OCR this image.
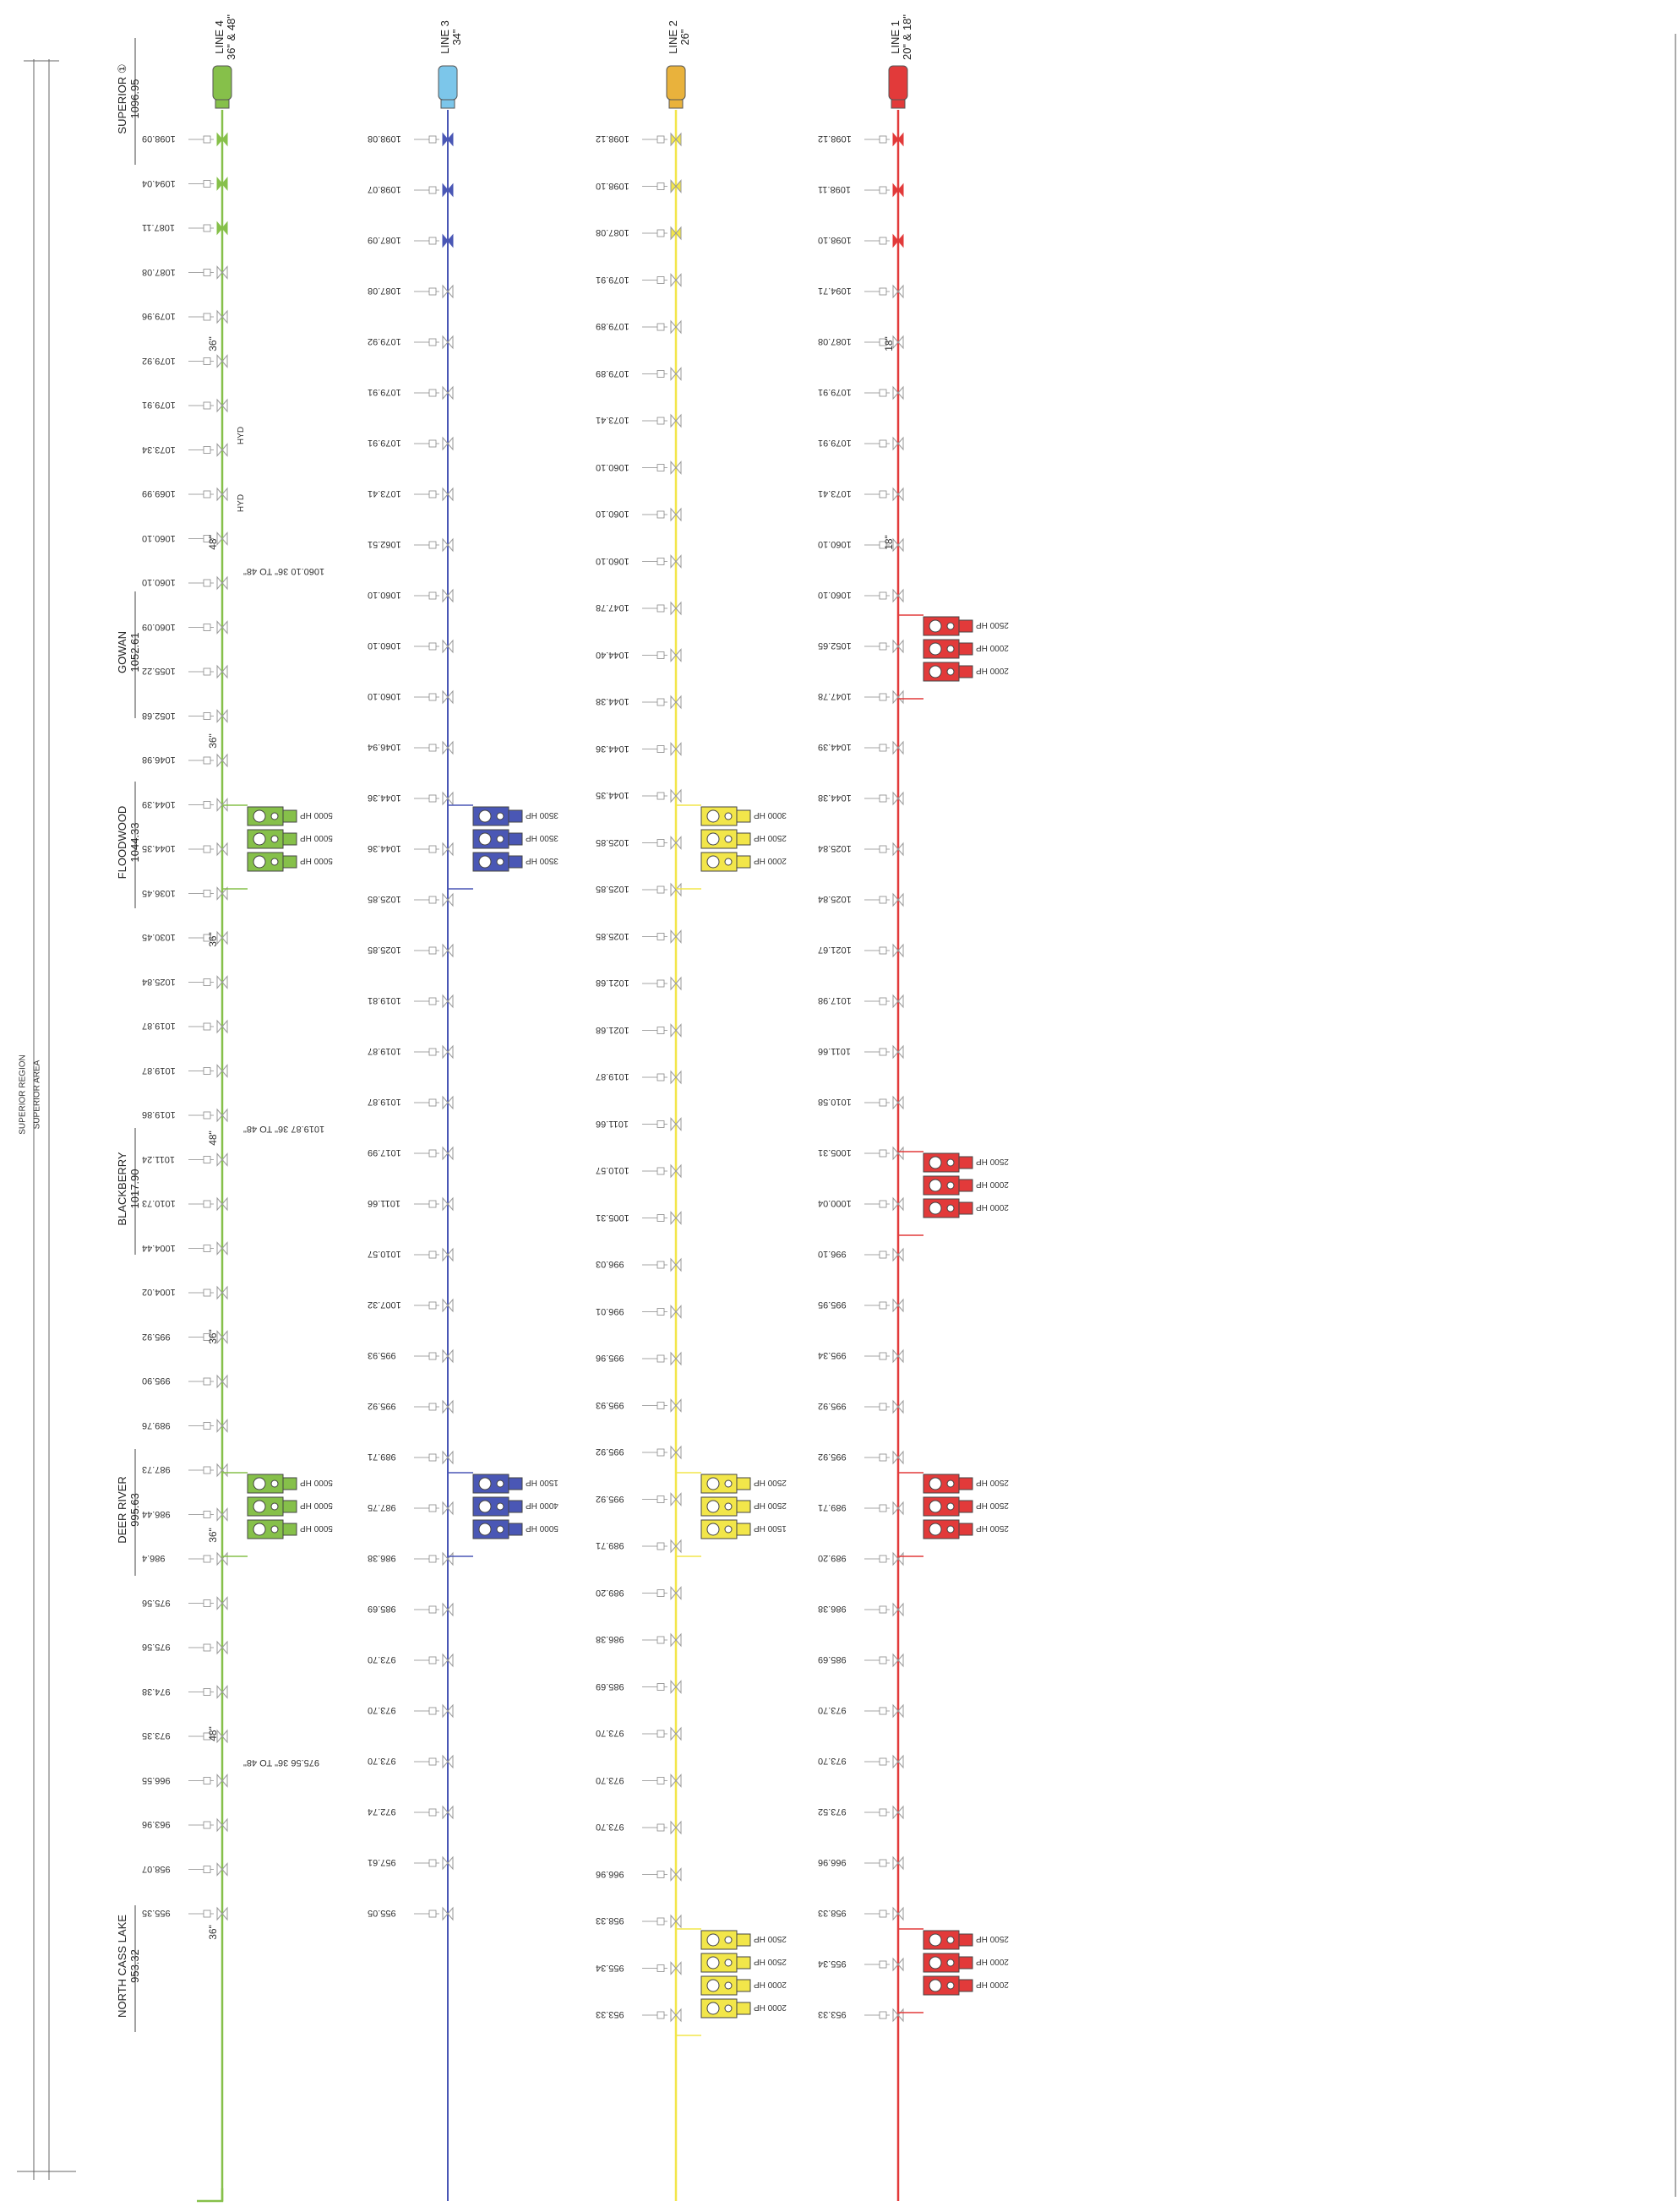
SUPERIOR REGION SUPERIOR AREA
SUPERIOR ① 1096.95
GOWAN 1052.61
FLOODWOOD 1044.33
BLACKBERRY 1017.90
DEER RIVER 995.63
NORTH CASS LAKE 953.32
LINE 4 36" & 48"
1098.09
1094.04
1087.11
1087.08
1079.96
1079.92
1079.91
1073.34
1069.99
1060.10
1060.10
1060.09
1055.22
1052.68
1046.98
1044.39
1044.35
1036.45
1030.45
1025.84
1019.87
1019.87
1019.86
1011.24
1010.73
1004.44
1004.02
995.92
995.90
989.76
987.73
986.44
986.4
975.56
975.56
974.38
973.35
966.55
963.96
958.07
955.35
36"
48"
36"
36"
48"
36"
36"
48"
36"
HYD
HYD
1060.10 36" TO 48"
1019.87 36" TO 48"
975.56 36" TO 48"
5000 HP
5000 HP
5000 HP
5000 HP
5000 HP
5000 HP
LINE 3 34"
1098.08
1098.07
1087.09
1087.08
1079.92
1079.91
1079.91
1073.41
1062.51
1060.10
1060.10
1060.10
1046.94
1044.36
1044.36
1025.85
1025.85
1019.81
1019.87
1019.87
1017.99
1011.66
1010.57
1007.32
995.93
995.92
989.71
987.75
986.38
985.69
973.70
973.70
973.70
972.74
957.61
955.05
3500 HP
3500 HP
3500 HP
1500 HP
4000 HP
5000 HP
LINE 2 26"
1098.12
1098.10
1087.08
1079.91
1079.89
1079.89
1073.41
1060.10
1060.10
1060.10
1047.78
1044.40
1044.38
1044.36
1044.35
1025.85
1025.85
1025.85
1021.68
1021.68
1019.87
1011.66
1010.57
1005.31
996.03
996.01
995.96
995.93
995.92
995.92
989.71
989.20
986.38
985.69
973.70
973.70
973.70
966.96
958.33
955.34
953.33
3000 HP
2500 HP
2000 HP
2500 HP
2500 HP
1500 HP
2500 HP
2500 HP
2000 HP
2000 HP
LINE 1 20" & 18"
1098.12
1098.11
1098.10
1094.71
1087.08
1079.91
1079.91
1073.41
1060.10
1060.10
1052.65
1047.78
1044.39
1044.38
1025.84
1025.84
1021.67
1017.98
1011.66
1010.58
1005.31
1000.04
996.10
995.95
995.34
995.92
995.92
989.71
989.20
986.38
985.69
973.70
973.70
973.52
966.96
958.33
955.34
953.33
18"
18"
2500 HP
2000 HP
2000 HP
2500 HP
2000 HP
2000 HP
2500 HP
2500 HP
2500 HP
2500 HP
2000 HP
2000 HP
